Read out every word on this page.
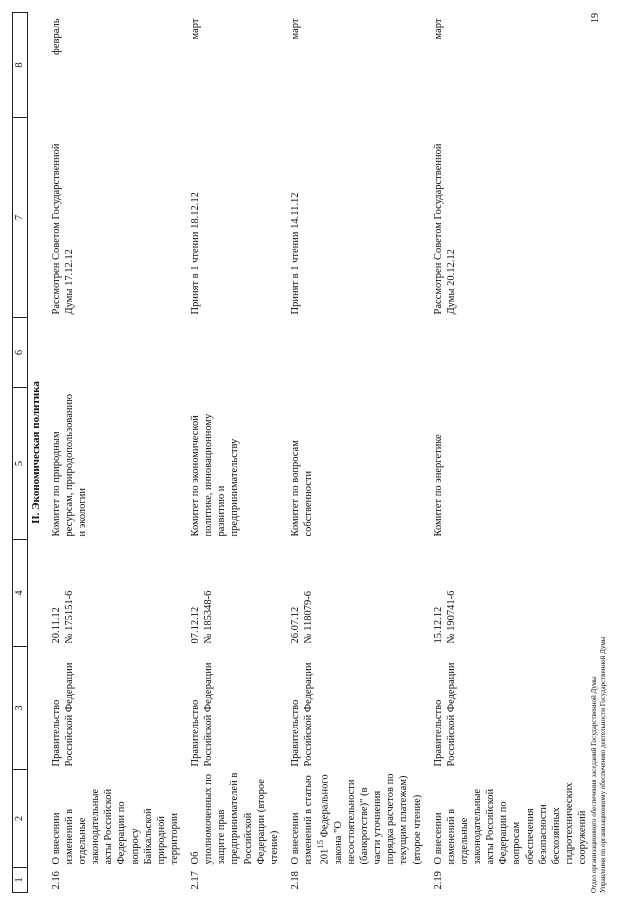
1	2	3	4	5	6	7	8
II. Экономическая политика							
2.16	О внесении изменений в отдельные законодательные акты Российской Федерации по вопросу Байкальской природной территории	Правительство Российской Федерации	20.11.12 № 175151-6	Комитет по природным ресурсам, природопользованию и экологии		Рассмотрен Советом Государственной Думы 17.12.12	февраль
2.17	Об уполномоченных по защите прав предпринимателей в Российской Федерации (второе чтение)	Правительство Российской Федерации	07.12.12 № 185348-6	Комитет по экономической политике, инновационному развитию и предпринимательству		Принят в 1 чтении 18.12.12	март
2.18	О внесении изменений в статью $201^{15}$ Федерального закона "О несостоятельности (банкротстве)" (в части уточнения порядка расчетов по текущим платежам) (второе чтение)	Правительство Российской Федерации	26.07.12 № 118079-6	Комитет по вопросам собственности		Принят в 1 чтении 14.11.12	март
2.19	О внесении изменений в отдельные законодательные акты Российской Федерации по вопросам обеспечения безопасности бесхозяйных гидротехнических сооружений	Правительство Российской Федерации	15.12.12 № 190741-6	Комитет по энергетике		Рассмотрен Советом Государственной Думы 20.12.12	март
Отдел организационного обеспечения заседаний Государственной Думы Управления по организационному обеспечению деятельности Государственной Думы
19
